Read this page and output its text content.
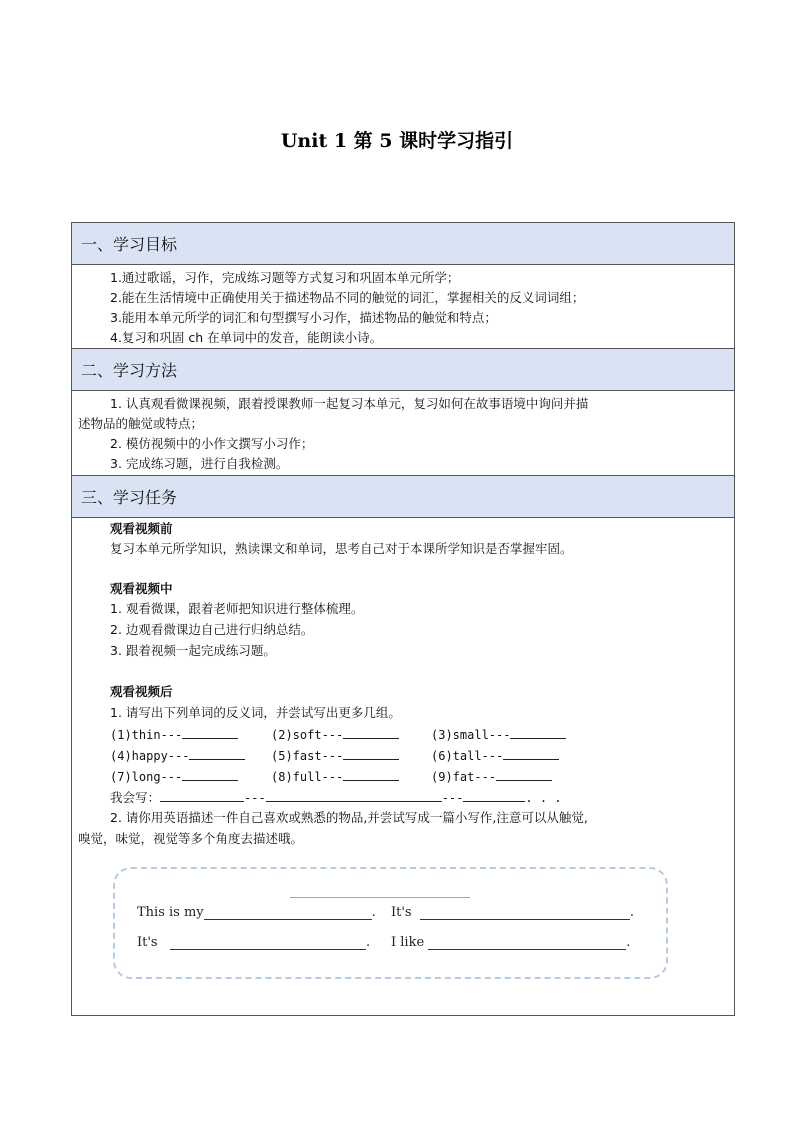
Unit 1 第 5 课时学习指引
一、学习目标
1.通过歌谣，习作，完成练习题等方式复习和巩固本单元所学；
2.能在生活情境中正确使用关于描述物品不同的触觉的词汇，掌握相关的反义词词组；
3.能用本单元所学的词汇和句型撰写小习作，描述物品的触觉和特点；
4.复习和巩固 ch 在单词中的发音，能朗读小诗。
二、学习方法
1. 认真观看微课视频，跟着授课教师一起复习本单元，复习如何在故事语境中询问并描
述物品的触觉或特点；
2. 模仿视频中的小作文撰写小习作；
3. 完成练习题，进行自我检测。
三、学习任务
观看视频前
复习本单元所学知识，熟读课文和单词，思考自己对于本课所学知识是否掌握牢固。
观看视频中
1. 观看微课，跟着老师把知识进行整体梳理。
2. 边观看微课边自己进行归纳总结。
3. 跟着视频一起完成练习题。
观看视频后
1. 请写出下列单词的反义词，并尝试写出更多几组。
(1)thin---	(2)soft---	(3)small---
(4)happy---	(5)fast---	(6)tall---
(7)long---	(8)full---	(9)fat---
我会写：	---	---	. . .
2. 请你用英语描述一件自己喜欢或熟悉的物品,并尝试写成一篇小写作,注意可以从触觉,
嗅觉，味觉，视觉等多个角度去描述哦。
This is my	. It's	.
It's	. I like	.
